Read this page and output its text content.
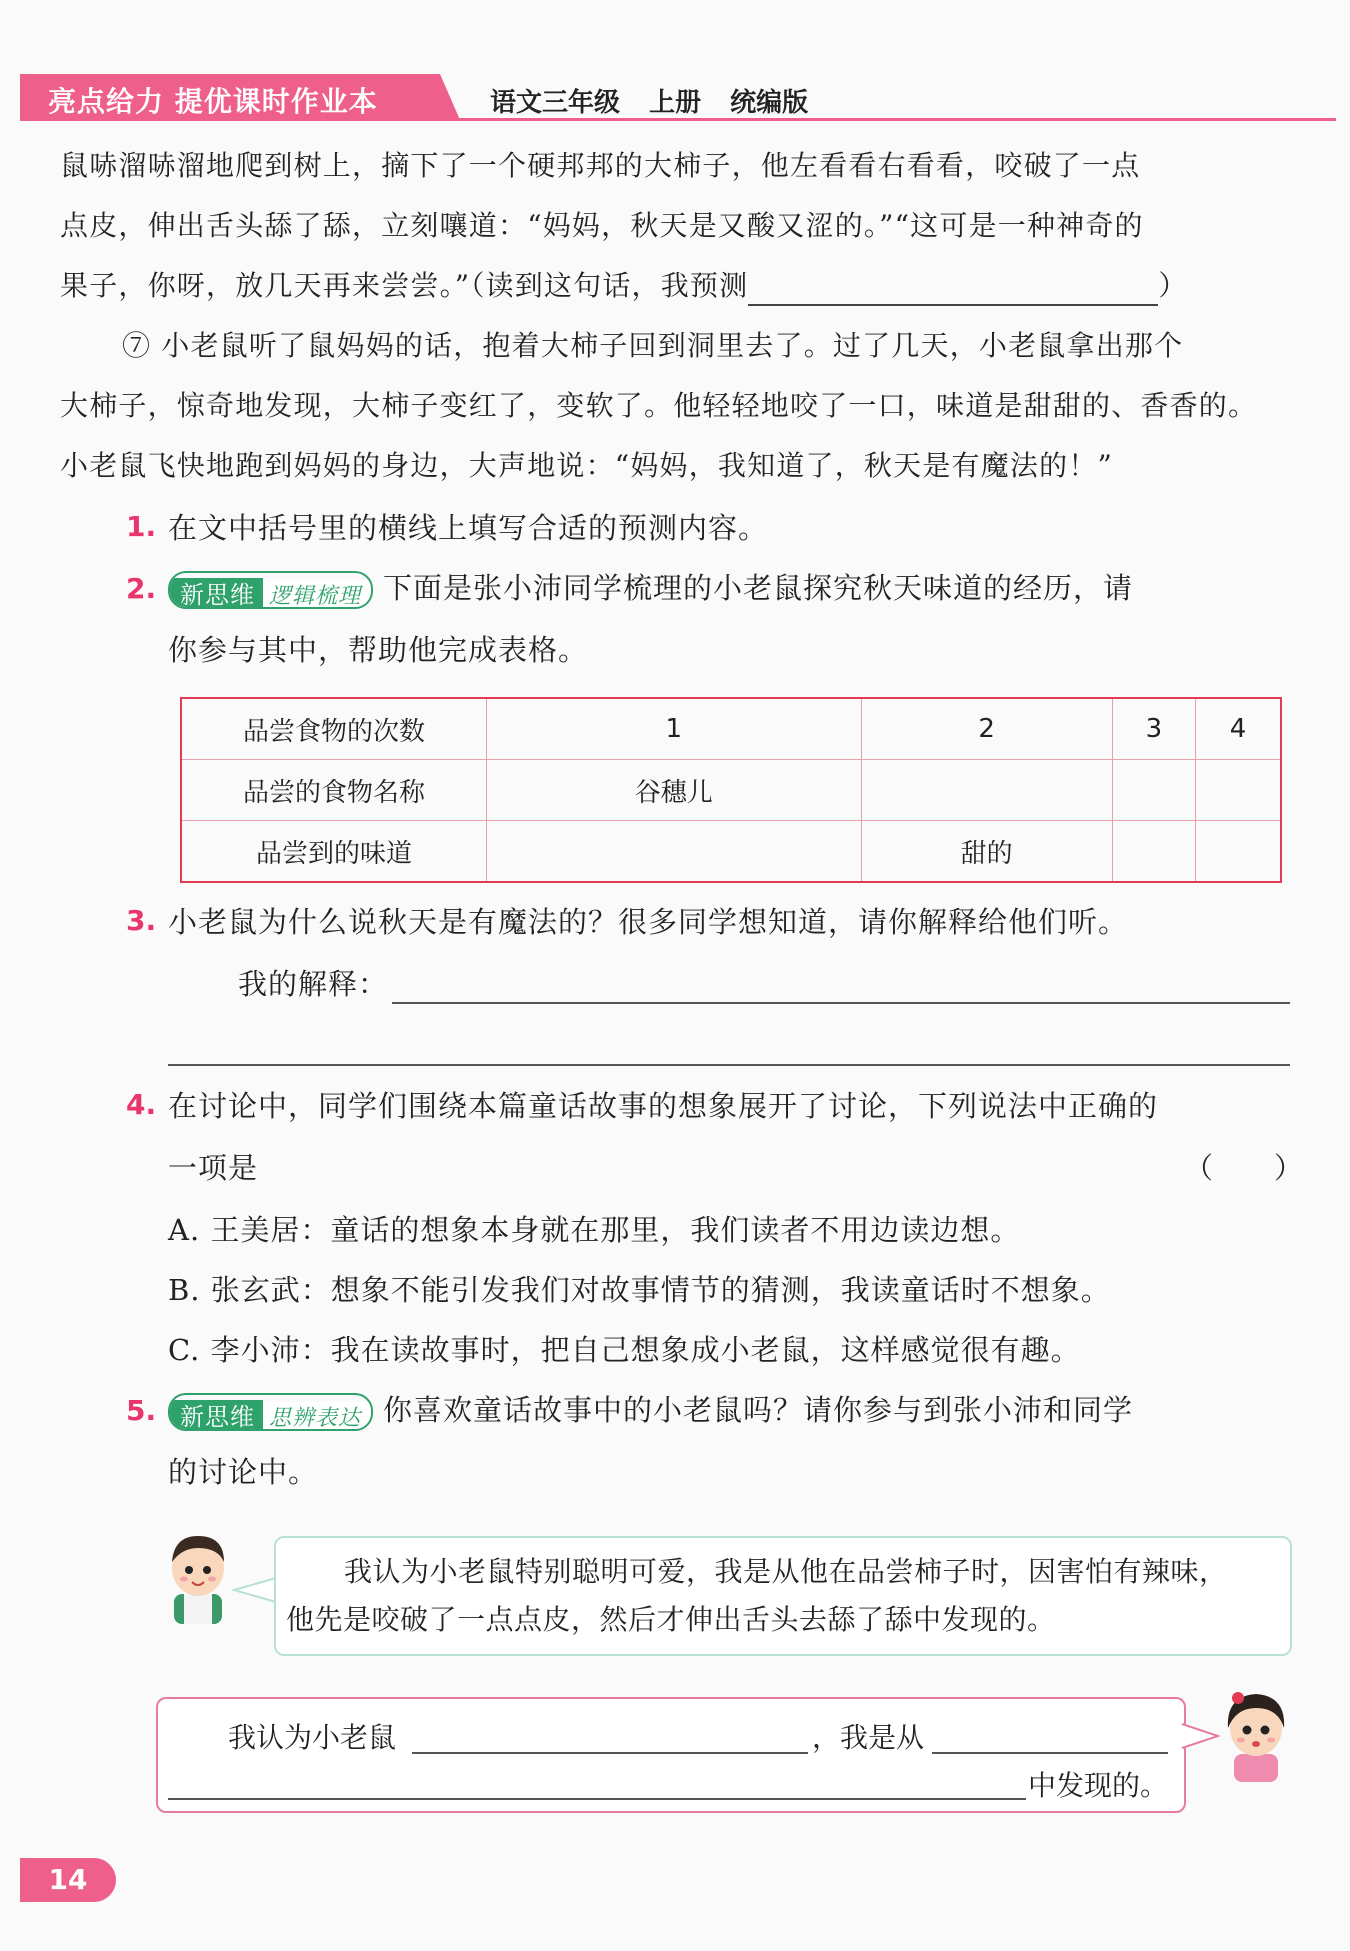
亮点给力 提优课时作业本	语文三年级 上册 统编版
鼠哧溜哧溜地爬到树上，摘下了一个硬邦邦的大柿子，他左看看右看看，咬破了一点
点皮，伸出舌头舔了舔，立刻嚷道：“妈妈，秋天是又酸又涩的。”“这可是一种神奇的
果子，你呀，放几天再来尝尝。”（读到这句话，我预测	）
⑦ 小老鼠听了鼠妈妈的话，抱着大柿子回到洞里去了。过了几天，小老鼠拿出那个
大柿子，惊奇地发现，大柿子变红了，变软了。他轻轻地咬了一口，味道是甜甜的、香香的。
小老鼠飞快地跑到妈妈的身边，大声地说：“妈妈，我知道了，秋天是有魔法的！”
1. 在文中括号里的横线上填写合适的预测内容。
2. 新思维 逻辑梳理 下面是张小沛同学梳理的小老鼠探究秋天味道的经历，请
你参与其中，帮助他完成表格。
品尝食物的次数	1	2	3	4
品尝的食物名称	谷穗儿			
品尝到的味道		甜的		
3. 小老鼠为什么说秋天是有魔法的？很多同学想知道，请你解释给他们听。
我的解释：
4. 在讨论中，同学们围绕本篇童话故事的想象展开了讨论，下列说法中正确的
一项是	（　　）
A. 王美居：童话的想象本身就在那里，我们读者不用边读边想。
B. 张玄武：想象不能引发我们对故事情节的猜测，我读童话时不想象。
C. 李小沛：我在读故事时，把自己想象成小老鼠，这样感觉很有趣。
5. 新思维 思辨表达 你喜欢童话故事中的小老鼠吗？请你参与到张小沛和同学
的讨论中。
我认为小老鼠特别聪明可爱，我是从他在品尝柿子时，因害怕有辣味，
他先是咬破了一点点皮，然后才伸出舌头去舔了舔中发现的。
我认为小老鼠	，我是从
中发现的。
14
